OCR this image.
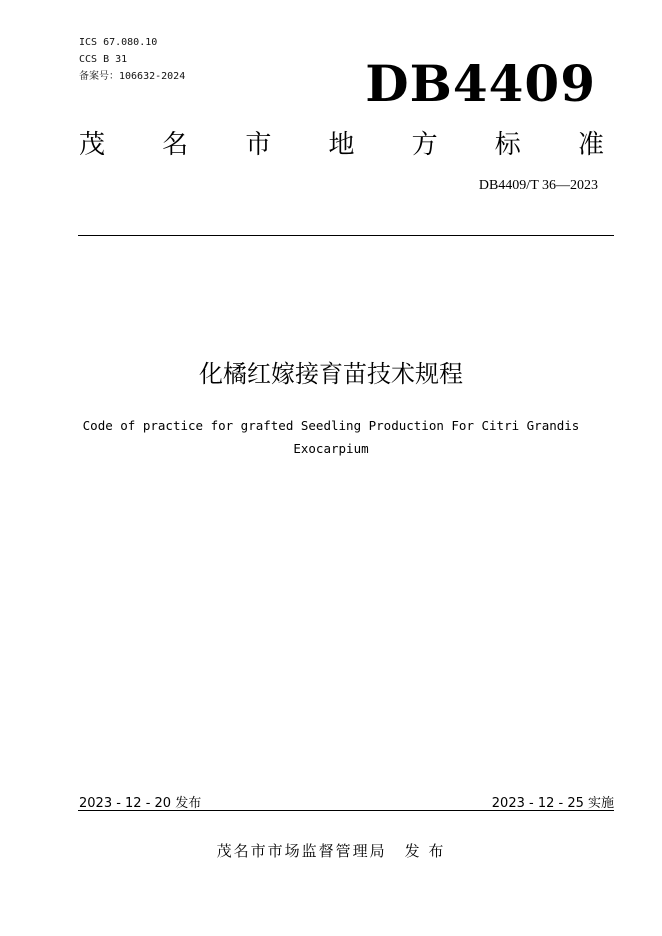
ICS 67.080.10
CCS B 31
备案号：106632-2024	DB4409
茂 名 市 地 方 标 准
DB4409/T 36—2023
化橘红嫁接育苗技术规程
Code of practice for grafted Seedling Production For Citri Grandis Exocarpium
2023 - 12 - 20 发布	2023 - 12 - 25 实施
茂名市市场监督管理局 发 布
